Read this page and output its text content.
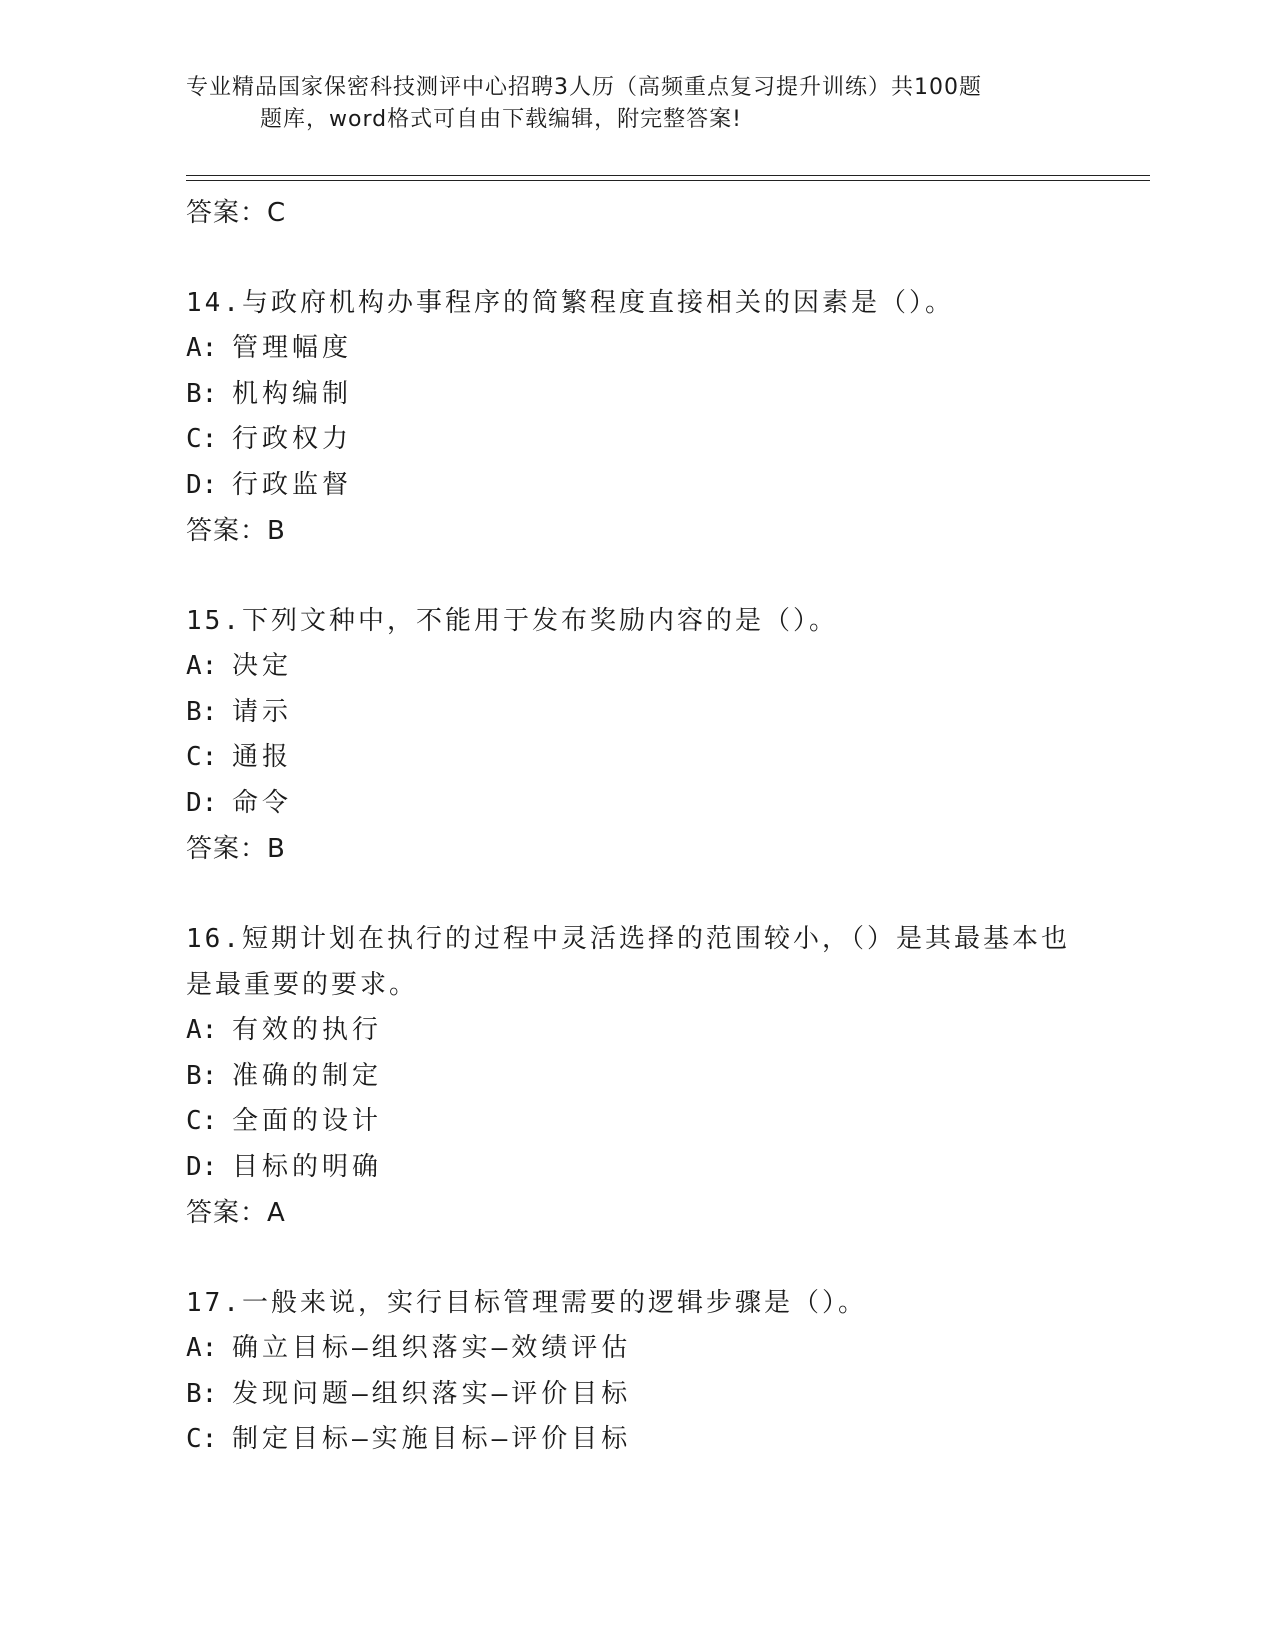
专业精品国家保密科技测评中心招聘3人历（高频重点复习提升训练）共100题
题库，word格式可自由下载编辑，附完整答案!
答案：C
14.与政府机构办事程序的简繁程度直接相关的因素是（）。
A: 管理幅度
B: 机构编制
C: 行政权力
D: 行政监督
答案：B
15.下列文种中，不能用于发布奖励内容的是（）。
A: 决定
B: 请示
C: 通报
D: 命令
答案：B
16.短期计划在执行的过程中灵活选择的范围较小，（）是其最基本也是最重要的要求。
A: 有效的执行
B: 准确的制定
C: 全面的设计
D: 目标的明确
答案：A
17.一般来说，实行目标管理需要的逻辑步骤是（）。
A: 确立目标—组织落实—效绩评估
B: 发现问题—组织落实—评价目标
C: 制定目标—实施目标—评价目标
